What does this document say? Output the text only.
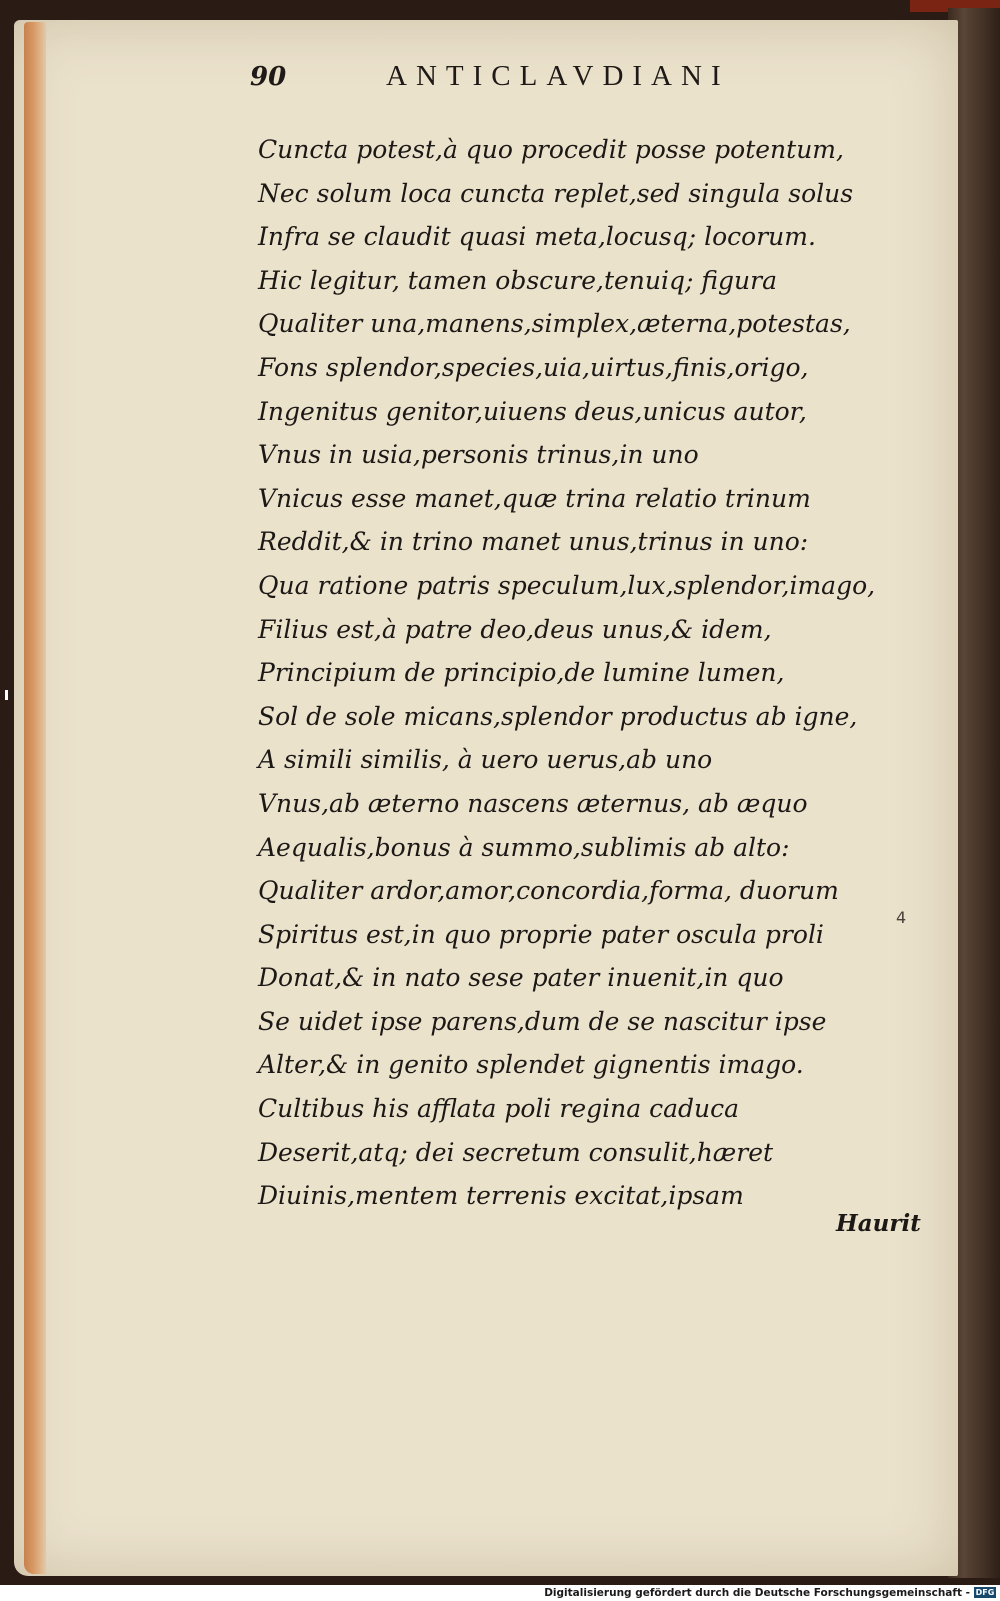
90	ANTICLAVDIANI
Cuncta potest,à quo procedit posse potentum,
Nec solum loca cuncta replet,sed singula solus
Infra se claudit quasi meta,locusq; locorum.
Hic legitur, tamen obscure,tenuiq; figura
Qualiter una,manens,simplex,æterna,potestas,
Fons splendor,species,uia,uirtus,finis,origo,
Ingenitus genitor,uiuens deus,unicus autor,
Vnus in usia,personis trinus,in uno
Vnicus esse manet,quæ trina relatio trinum
Reddit,& in trino manet unus,trinus in uno:
Qua ratione patris speculum,lux,splendor,imago,
Filius est,à patre deo,deus unus,& idem,
Principium de principio,de lumine lumen,
Sol de sole micans,splendor productus ab igne,
A simili similis, à uero uerus,ab uno
Vnus,ab æterno nascens æternus, ab æquo
Aequalis,bonus à summo,sublimis ab alto:
Qualiter ardor,amor,concordia,forma, duorum
Spiritus est,in quo proprie pater oscula proli
Donat,& in nato sese pater inuenit,in quo
Se uidet ipse parens,dum de se nascitur ipse
Alter,& in genito splendet gignentis imago.
Cultibus his afflata poli regina caduca
Deserit,atq; dei secretum consulit,hæret
Diuinis,mentem terrenis excitat,ipsam
4
Haurit
Digitalisierung gefördert durch die Deutsche Forschungsgemeinschaft - DFG
